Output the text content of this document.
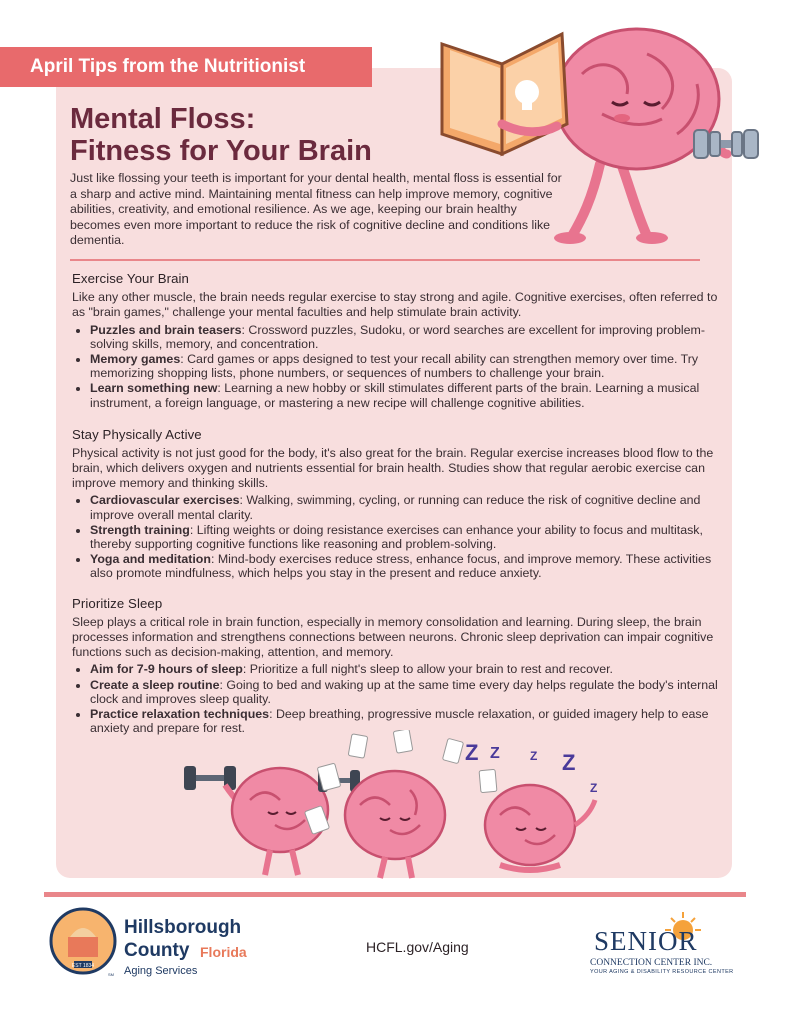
April Tips from the Nutritionist
Mental Floss:
Fitness for Your Brain

Just like flossing your teeth is important for your dental health, mental floss is essential for a sharp and active mind. Maintaining mental fitness can help improve memory, cognitive abilities, creativity, and emotional resilience. As we age, keeping our brain healthy becomes even more important to reduce the risk of cognitive decline and conditions like dementia.

Exercise Your Brain

Like any other muscle, the brain needs regular exercise to stay strong and agile. Cognitive exercises, often referred to as "brain games," challenge your mental faculties and help stimulate brain activity.

• Puzzles and brain teasers: Crossword puzzles, Sudoku, or word searches are excellent for improving problem-solving skills, memory, and concentration.
• Memory games: Card games or apps designed to test your recall ability can strengthen memory over time. Try memorizing shopping lists, phone numbers, or sequences of numbers to challenge your brain.
• Learn something new: Learning a new hobby or skill stimulates different parts of the brain. Learning a musical instrument, a foreign language, or mastering a new recipe will challenge cognitive abilities.
Stay Physically Active

Physical activity is not just good for the body, it's also great for the brain. Regular exercise increases blood flow to the brain, which delivers oxygen and nutrients essential for brain health. Studies show that regular aerobic exercise can improve memory and thinking skills.

• Cardiovascular exercises: Walking, swimming, cycling, or running can reduce the risk of cognitive decline and improve overall mental clarity.
• Strength training: Lifting weights or doing resistance exercises can enhance your ability to focus and multitask, thereby supporting cognitive functions like reasoning and problem-solving.
• Yoga and meditation: Mind-body exercises reduce stress, enhance focus, and improve memory. These activities also promote mindfulness, which helps you stay in the present and reduce anxiety.
Prioritize Sleep

Sleep plays a critical role in brain function, especially in memory consolidation and learning. During sleep, the brain processes information and strengthens connections between neurons. Chronic sleep deprivation can impair cognitive functions such as decision-making, attention, and memory.

• Aim for 7-9 hours of sleep: Prioritize a full night's sleep to allow your brain to rest and recover.
• Create a sleep routine: Going to bed and waking up at the same time every day helps regulate the body's internal clock and improves sleep quality.
• Practice relaxation techniques: Deep breathing, progressive muscle relaxation, or guided imagery help to ease anxiety and prepare for rest.
Z Z	Z Z
Z
EST 1834
SM
Hillsborough
County Florida
Aging Services
HCFL.gov/Aging	SENIOR
CONNECTION CENTER INC.
YOUR AGING & DISABILITY RESOURCE CENTER
